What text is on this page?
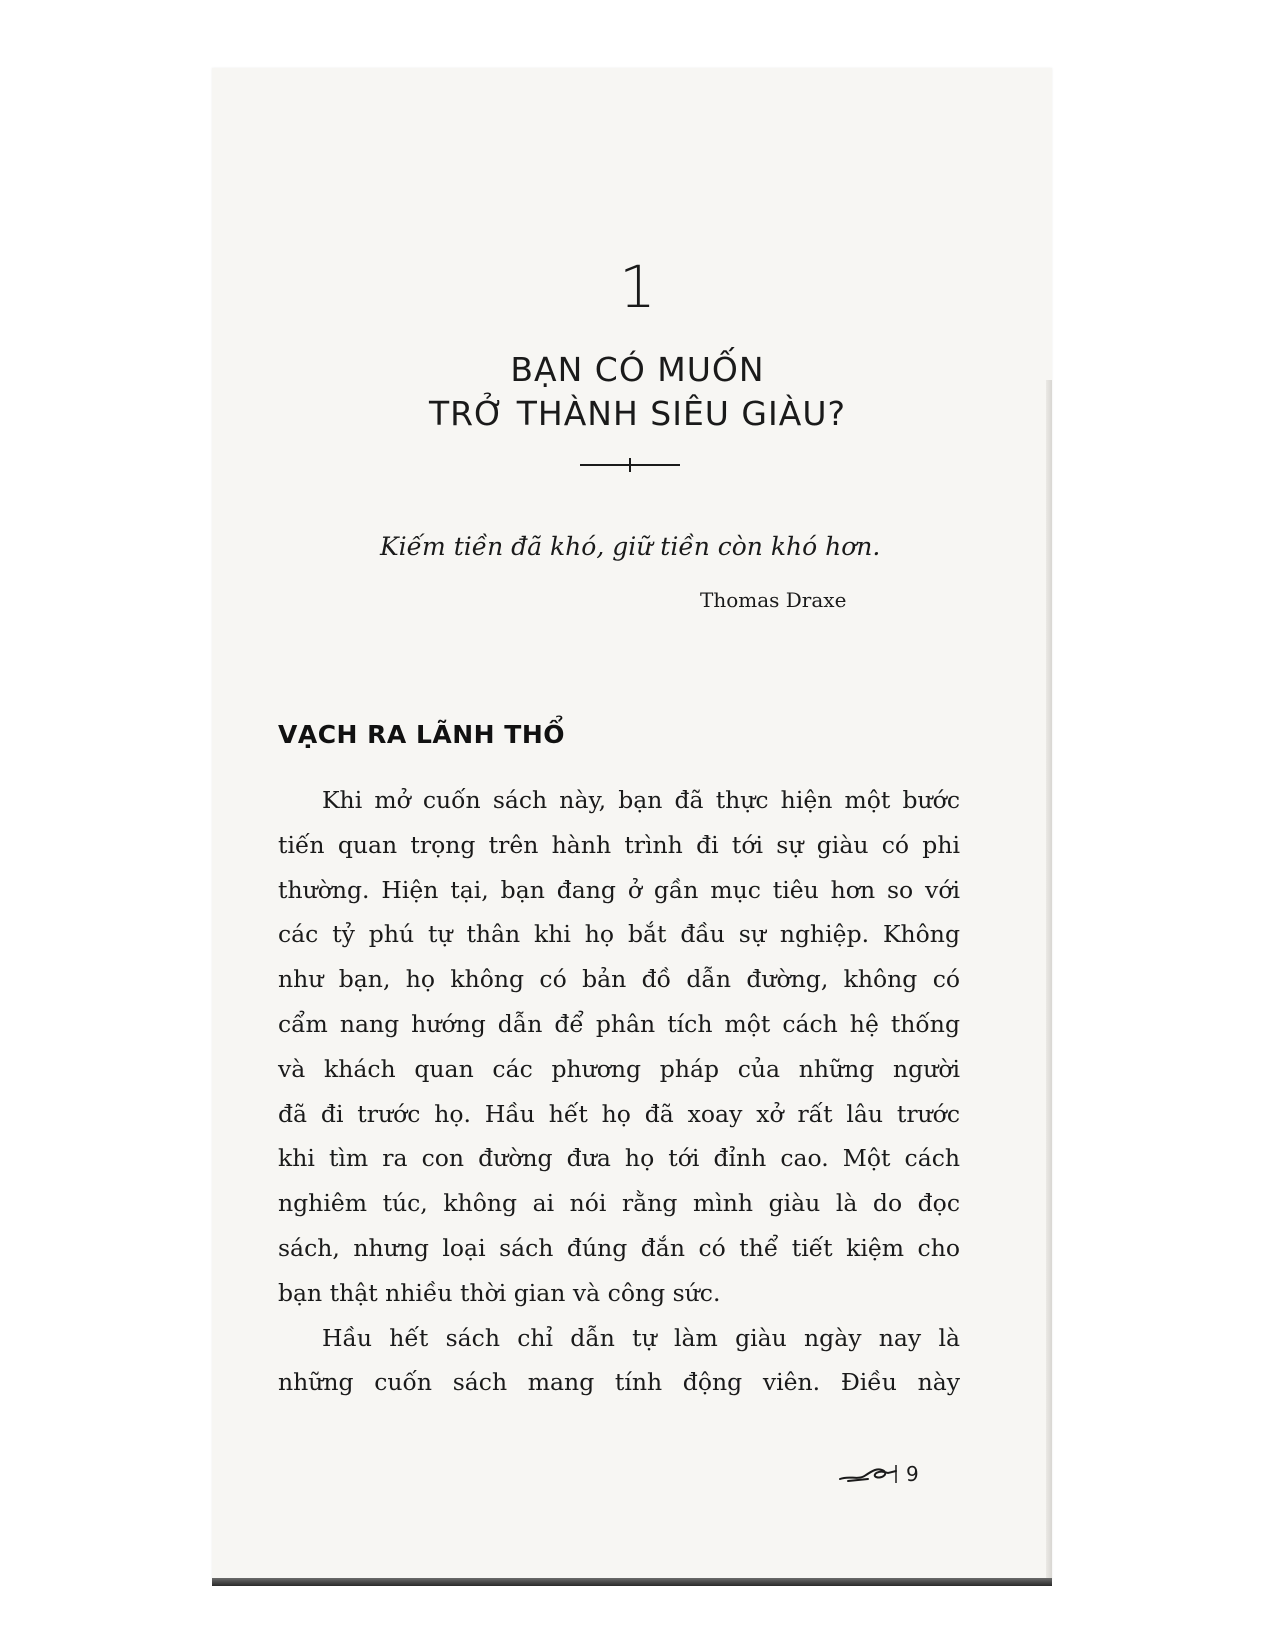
1
BẠN CÓ MUỐN
TRỞ THÀNH SIÊU GIÀU?
Kiếm tiền đã khó, giữ tiền còn khó hơn.
Thomas Draxe
VẠCH RA LÃNH THỔ
Khi mở cuốn sách này, bạn đã thực hiện một bước
tiến quan trọng trên hành trình đi tới sự giàu có phi
thường. Hiện tại, bạn đang ở gần mục tiêu hơn so với
các tỷ phú tự thân khi họ bắt đầu sự nghiệp. Không
như bạn, họ không có bản đồ dẫn đường, không có
cẩm nang hướng dẫn để phân tích một cách hệ thống
và khách quan các phương pháp của những người
đã đi trước họ. Hầu hết họ đã xoay xở rất lâu trước
khi tìm ra con đường đưa họ tới đỉnh cao. Một cách
nghiêm túc, không ai nói rằng mình giàu là do đọc
sách, nhưng loại sách đúng đắn có thể tiết kiệm cho
bạn thật nhiều thời gian và công sức.
Hầu hết sách chỉ dẫn tự làm giàu ngày nay là
những cuốn sách mang tính động viên. Điều này
9
